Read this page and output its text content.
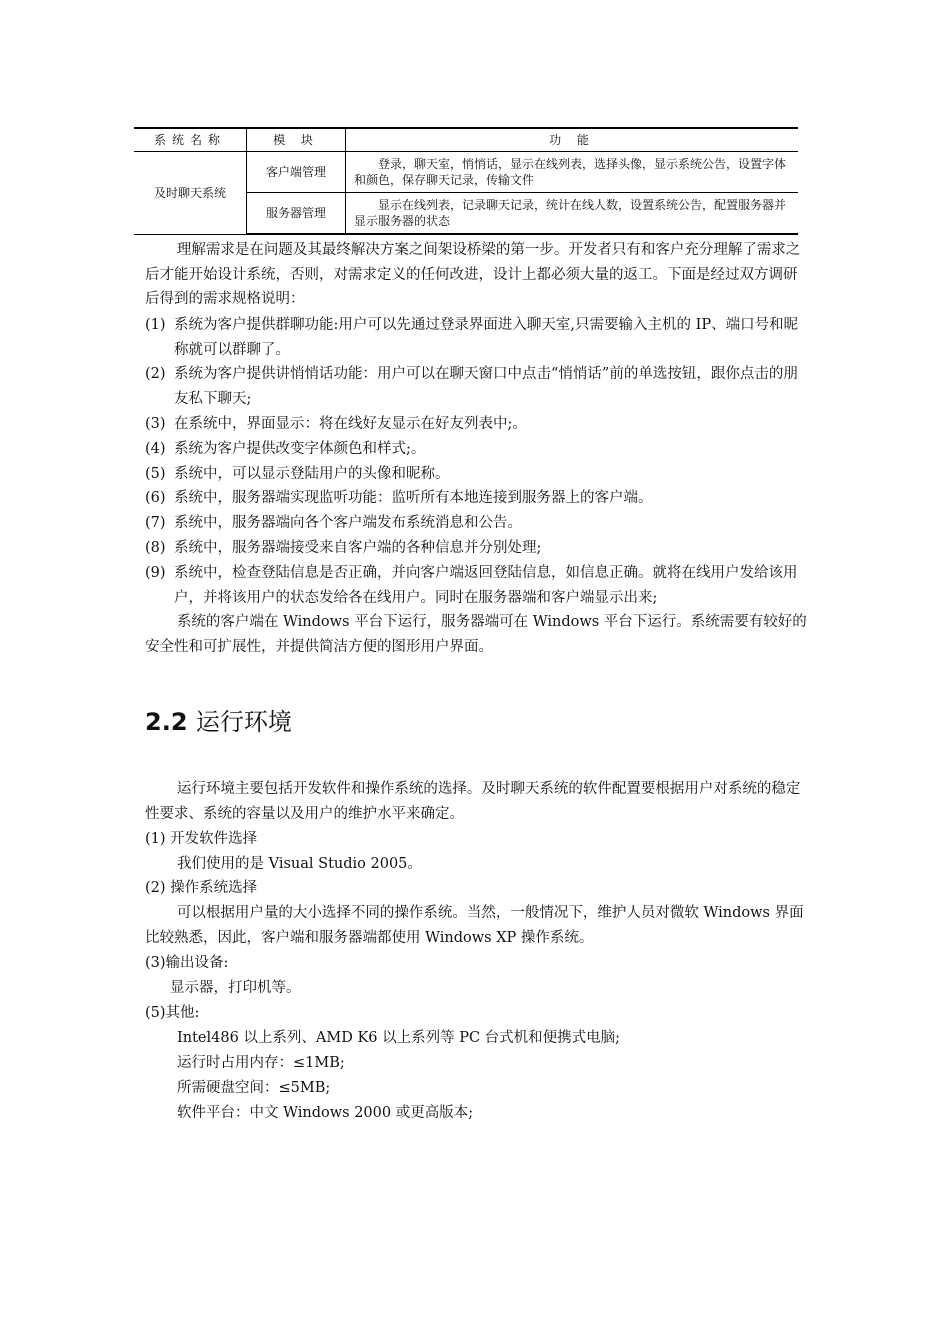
系统名称	模 块	功 能
及时聊天系统	客户端管理	登录，聊天室，悄悄话，显示在线列表，选择头像，显示系统公告，设置字体和颜色，保存聊天记录，传输文件
	服务器管理	显示在线列表，记录聊天记录，统计在线人数，设置系统公告，配置服务器并显示服务器的状态

理解需求是在问题及其最终解决方案之间架设桥梁的第一步。开发者只有和客户充分理解了需求之后才能开始设计系统，否则，对需求定义的任何改进，设计上都必须大量的返工。下面是经过双方调研后得到的需求规格说明：

(1) 系统为客户提供群聊功能:用户可以先通过登录界面进入聊天室,只需要输入主机的 IP、端口号和昵称就可以群聊了。
(2) 系统为客户提供讲悄悄话功能：用户可以在聊天窗口中点击“悄悄话”前的单选按钮，跟你点击的朋友私下聊天;
(3) 在系统中，界面显示：将在线好友显示在好友列表中;。
(4) 系统为客户提供改变字体颜色和样式;。
(5) 系统中，可以显示登陆用户的头像和昵称。
(6) 系统中，服务器端实现监听功能：监听所有本地连接到服务器上的客户端。
(7) 系统中，服务器端向各个客户端发布系统消息和公告。
(8) 系统中，服务器端接受来自客户端的各种信息并分别处理;
(9) 系统中，检查登陆信息是否正确，并向客户端返回登陆信息，如信息正确。就将在线用户发给该用户，并将该用户的状态发给各在线用户。同时在服务器端和客户端显示出来;

系统的客户端在 Windows 平台下运行，服务器端可在 Windows 平台下运行。系统需要有较好的安全性和可扩展性，并提供简洁方便的图形用户界面。

2.2 运行环境

运行环境主要包括开发软件和操作系统的选择。及时聊天系统的软件配置要根据用户对系统的稳定性要求、系统的容量以及用户的维护水平来确定。

(1) 开发软件选择

我们使用的是 Visual Studio 2005。

(2) 操作系统选择

可以根据用户量的大小选择不同的操作系统。当然，一般情况下，维护人员对微软 Windows 界面比较熟悉，因此，客户端和服务器端都使用 Windows XP 操作系统。

(3)输出设备:

显示器，打印机等。

(5)其他:

Intel486 以上系列、AMD K6 以上系列等 PC 台式机和便携式电脑;

运行时占用内存：≤1MB;

所需硬盘空间：≤5MB;

软件平台：中文 Windows 2000 或更高版本;
